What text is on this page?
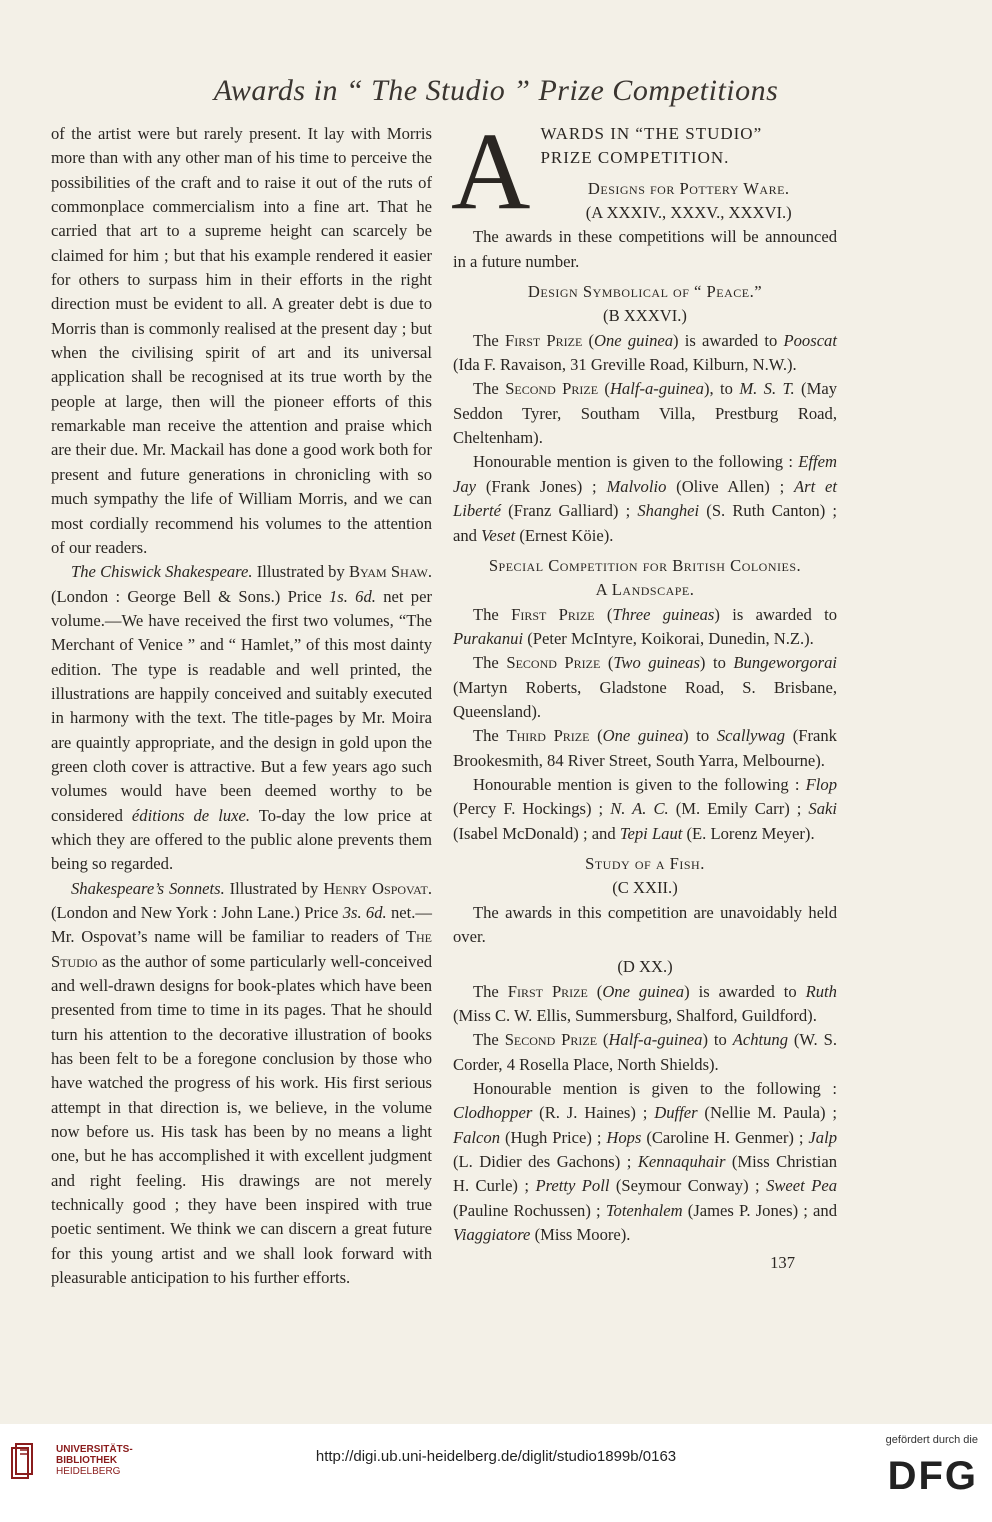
Awards in “ The Studio ” Prize Competitions

of the artist were but rarely present. It lay with Morris more than with any other man of his time to perceive the possibilities of the craft and to raise it out of the ruts of commonplace commercialism into a fine art. That he carried that art to a supreme height can scarcely be claimed for him ; but that his example rendered it easier for others to surpass him in their efforts in the right direction must be evident to all. A greater debt is due to Morris than is commonly realised at the present day ; but when the civilising spirit of art and its universal application shall be recognised at its true worth by the people at large, then will the pioneer efforts of this remarkable man receive the attention and praise which are their due. Mr. Mackail has done a good work both for present and future generations in chronicling with so much sympathy the life of William Morris, and we can most cordially recommend his volumes to the attention of our readers.

The Chiswick Shakespeare. Illustrated by Byam Shaw. (London : George Bell & Sons.) Price 1s. 6d. net per volume.—We have received the first two volumes, “The Merchant of Venice ” and “ Hamlet,” of this most dainty edition. The type is readable and well printed, the illustrations are happily conceived and suitably executed in harmony with the text. The title-pages by Mr. Moira are quaintly appropriate, and the design in gold upon the green cloth cover is attractive. But a few years ago such volumes would have been deemed worthy to be considered éditions de luxe. To-day the low price at which they are offered to the public alone prevents them being so regarded.

Shakespeare’s Sonnets. Illustrated by Henry Ospovat. (London and New York : John Lane.) Price 3s. 6d. net.—Mr. Ospovat’s name will be familiar to readers of The Studio as the author of some particularly well-conceived and well-drawn designs for book-plates which have been presented from time to time in its pages. That he should turn his attention to the decorative illustration of books has been felt to be a foregone conclusion by those who have watched the progress of his work. His first serious attempt in that direction is, we believe, in the volume now before us. His task has been by no means a light one, but he has accomplished it with excellent judgment and right feeling. His drawings are not merely technically good ; they have been inspired with true poetic sentiment. We think we can discern a great future for this young artist and we shall look forward with pleasurable anticipation to his further efforts.

A WARDS IN “THE STUDIO”
PRIZE COMPETITION.
Designs for Pottery Ware.
(A XXXIV., XXXV., XXXVI.)

The awards in these competitions will be announced in a future number.

Design Symbolical of “ Peace.”
(B XXXVI.)

The First Prize (One guinea) is awarded to Pooscat (Ida F. Ravaison, 31 Greville Road, Kilburn, N.W.).

The Second Prize (Half-a-guinea), to M. S. T. (May Seddon Tyrer, Southam Villa, Prestburg Road, Cheltenham).

Honourable mention is given to the following : Effem Jay (Frank Jones) ; Malvolio (Olive Allen) ; Art et Liberté (Franz Galliard) ; Shanghei (S. Ruth Canton) ; and Veset (Ernest Köie).

Special Competition for British Colonies.
A Landscape.

The First Prize (Three guineas) is awarded to Purakanui (Peter McIntyre, Koikorai, Dunedin, N.Z.).

The Second Prize (Two guineas) to Bungeworgorai (Martyn Roberts, Gladstone Road, S. Brisbane, Queensland).

The Third Prize (One guinea) to Scallywag (Frank Brookesmith, 84 River Street, South Yarra, Melbourne).

Honourable mention is given to the following : Flop (Percy F. Hockings) ; N. A. C. (M. Emily Carr) ; Saki (Isabel McDonald) ; and Tepi Laut (E. Lorenz Meyer).

Study of a Fish.
(C XXII.)

The awards in this competition are unavoidably held over.

(D XX.)

The First Prize (One guinea) is awarded to Ruth (Miss C. W. Ellis, Summersburg, Shalford, Guildford).

The Second Prize (Half-a-guinea) to Achtung (W. S. Corder, 4 Rosella Place, North Shields).

Honourable mention is given to the following : Clodhopper (R. J. Haines) ; Duffer (Nellie M. Paula) ; Falcon (Hugh Price) ; Hops (Caroline H. Genmer) ; Jalp (L. Didier des Gachons) ; Kennaquhair (Miss Christian H. Curle) ; Pretty Poll (Seymour Conway) ; Sweet Pea (Pauline Rochussen) ; Totenhalem (James P. Jones) ; and Viaggiatore (Miss Moore).

137
UNIVERSITÄTS-
BIBLIOTHEK
HEIDELBERG
http://digi.ub.uni-heidelberg.de/diglit/studio1899b/0163
gefördert durch die
DFG
